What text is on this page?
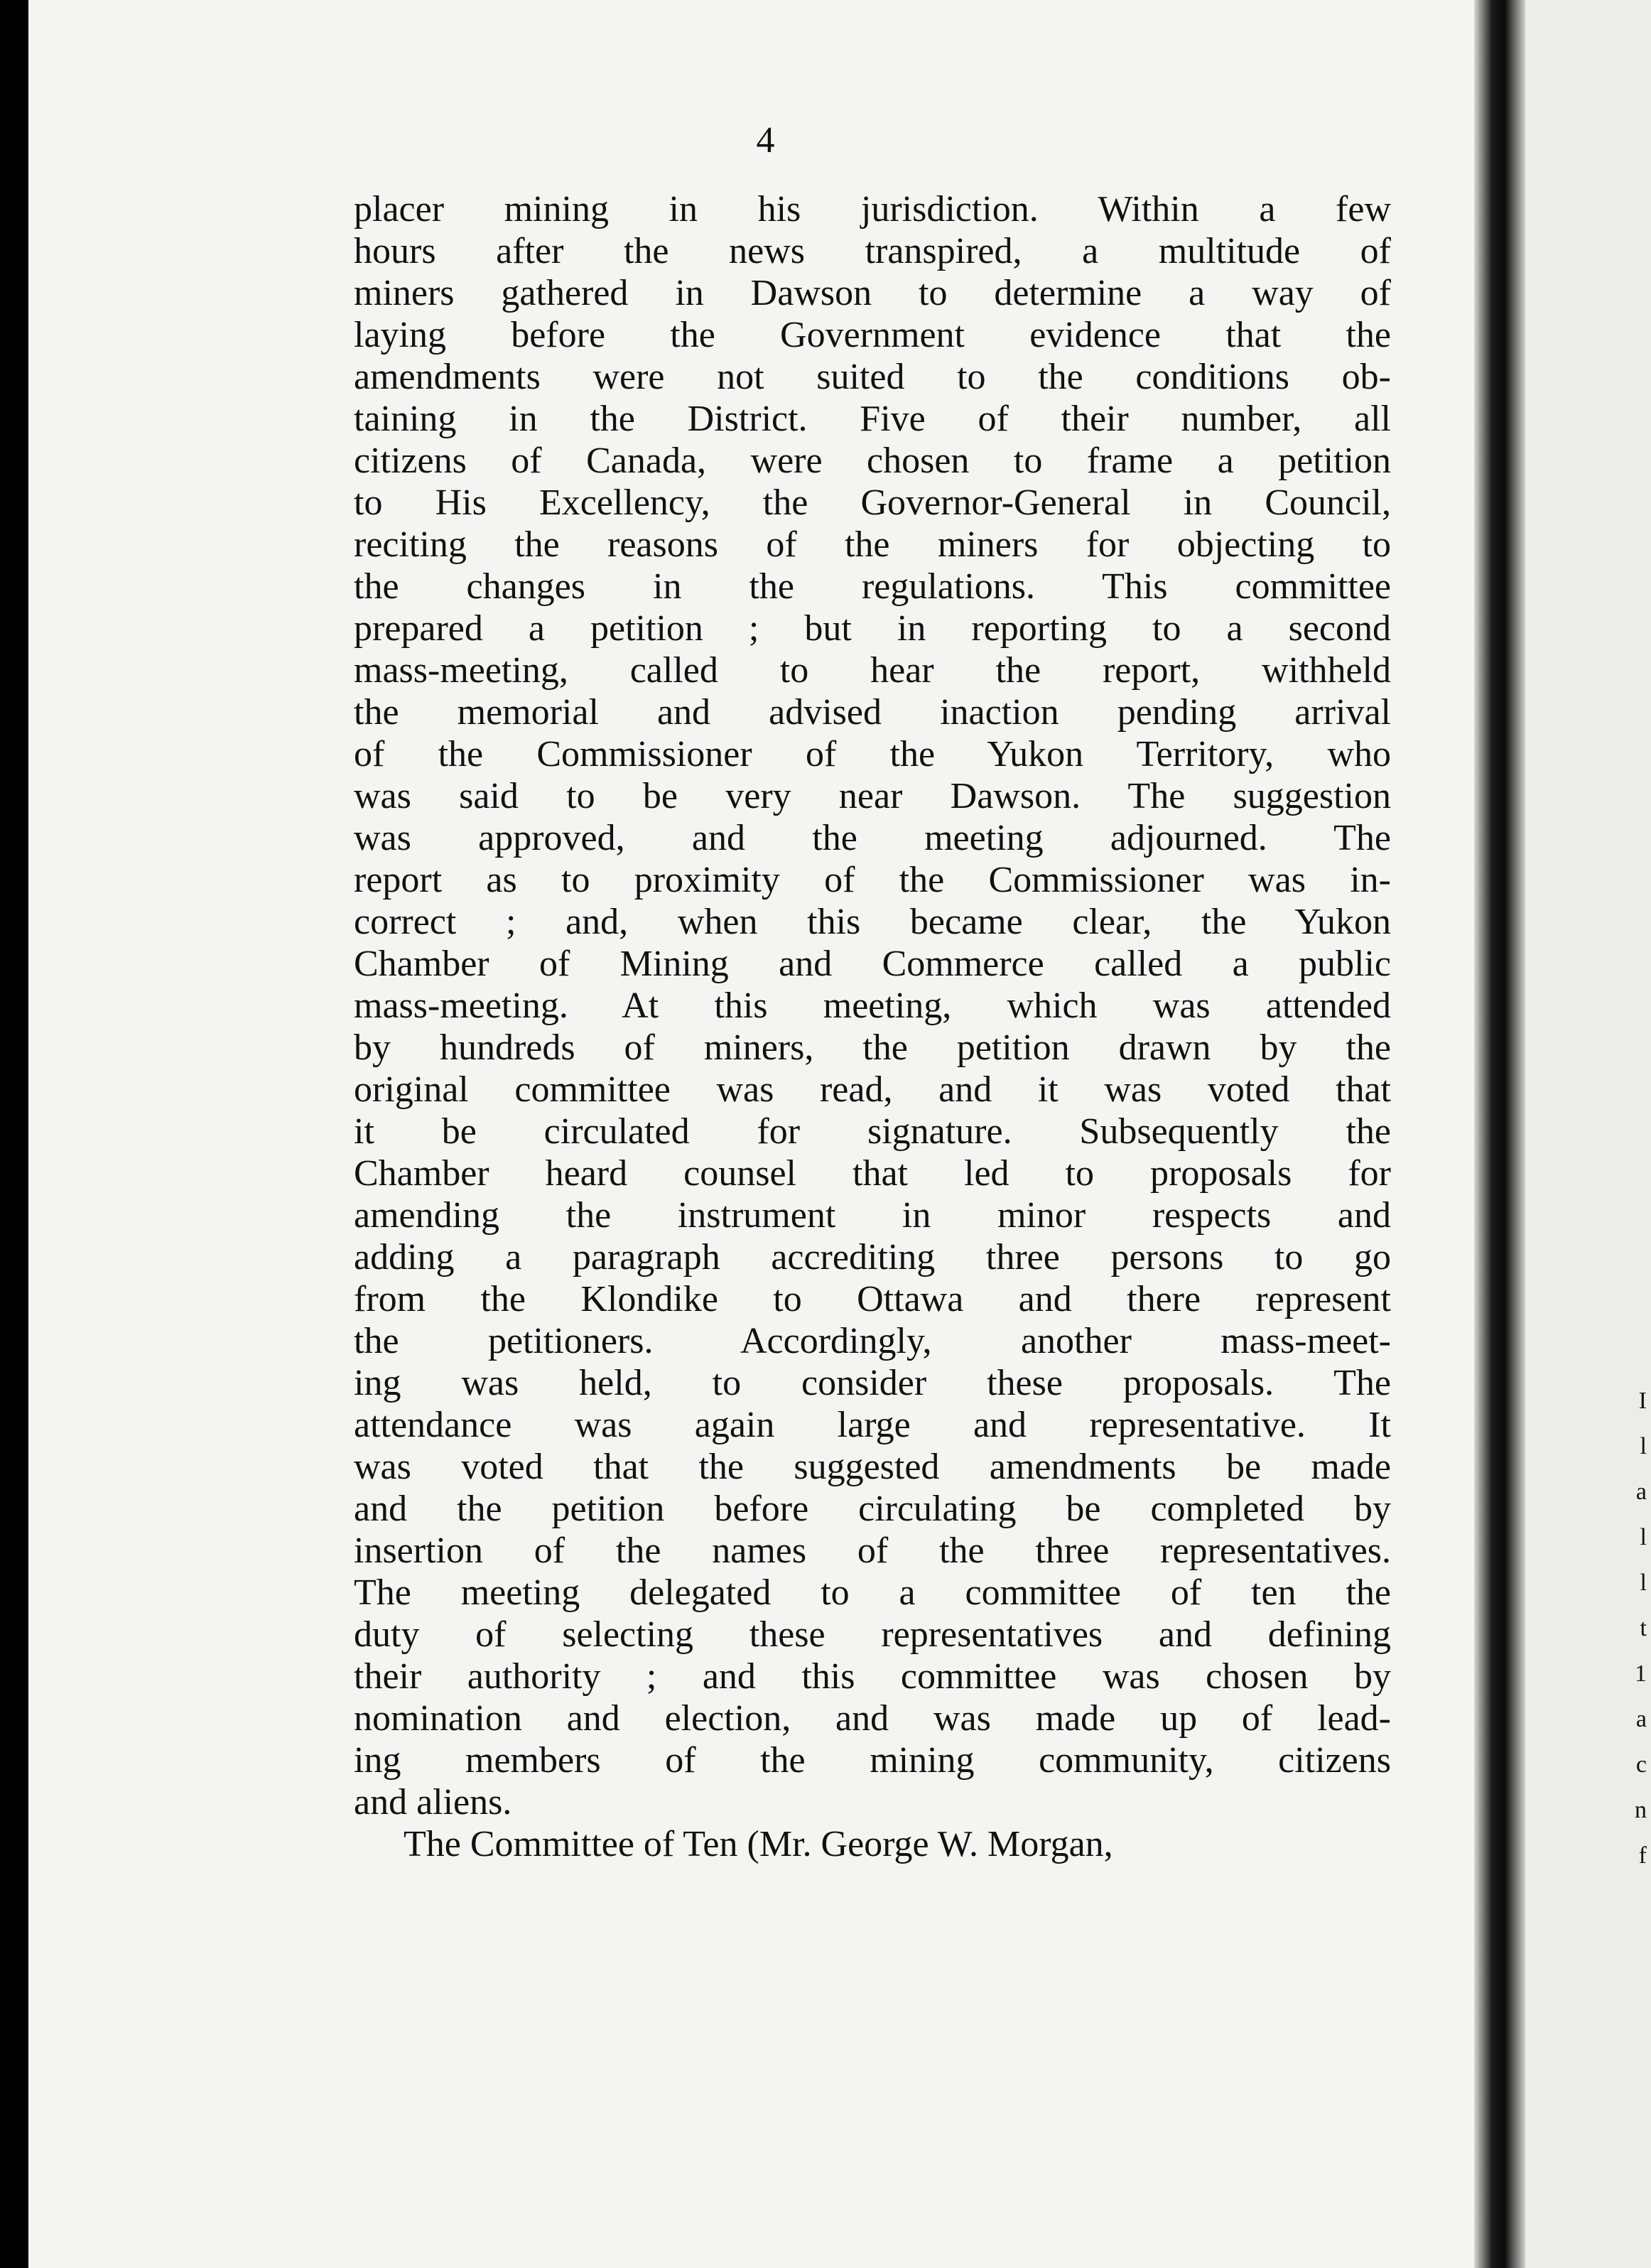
4
placer mining in his jurisdiction. Within a few
hours after the news transpired, a multitude of
miners gathered in Dawson to determine a way of
laying before the Government evidence that the
amendments were not suited to the conditions ob-
taining in the District. Five of their number, all
citizens of Canada, were chosen to frame a petition
to His Excellency, the Governor-General in Council,
reciting the reasons of the miners for objecting to
the changes in the regulations. This committee
prepared a petition ; but in reporting to a second
mass-meeting, called to hear the report, withheld
the memorial and advised inaction pending arrival
of the Commissioner of the Yukon Territory, who
was said to be very near Dawson. The suggestion
was approved, and the meeting adjourned. The
report as to proximity of the Commissioner was in-
correct ; and, when this became clear, the Yukon
Chamber of Mining and Commerce called a public
mass-meeting. At this meeting, which was attended
by hundreds of miners, the petition drawn by the
original committee was read, and it was voted that
it be circulated for signature. Subsequently the
Chamber heard counsel that led to proposals for
amending the instrument in minor respects and
adding a paragraph accrediting three persons to go
from the Klondike to Ottawa and there represent
the petitioners. Accordingly, another mass-meet-
ing was held, to consider these proposals. The
attendance was again large and representative. It
was voted that the suggested amendments be made
and the petition before circulating be completed by
insertion of the names of the three representatives.
The meeting delegated to a committee of ten the
duty of selecting these representatives and defining
their authority ; and this committee was chosen by
nomination and election, and was made up of lead-
ing members of the mining community, citizens
and aliens.
The Committee of Ten (Mr. George W. Morgan,
I
l
a
l
l
t
1
a
c
n
f
